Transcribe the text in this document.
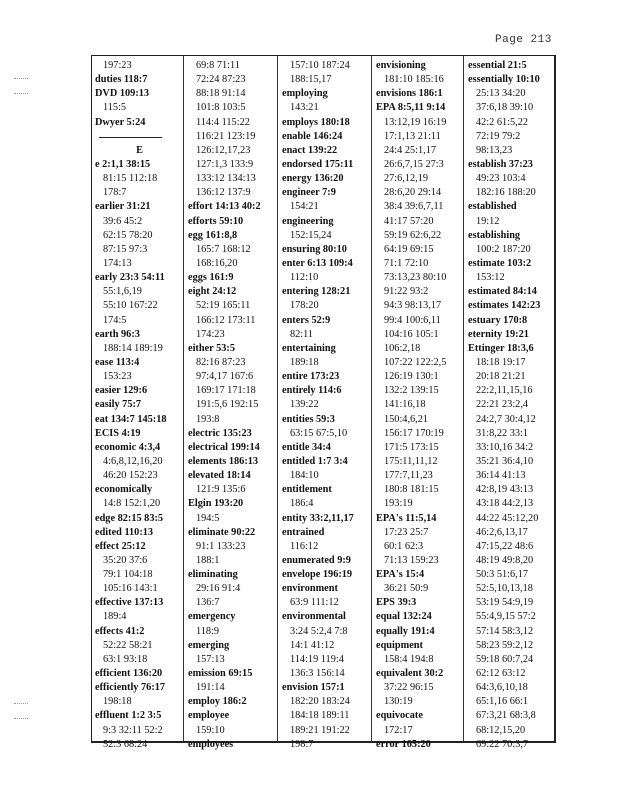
Page 213
197:23
duties 118:7
DVD 109:13
115:5
Dwyer 5:24
E
e 2:1,1 38:15
81:15 112:18
178:7
earlier 31:21
39:6 45:2
62:15 78:20
87:15 97:3
174:13
early 23:3 54:11
55:1,6,19
55:10 167:22
174:5
earth 96:3
188:14 189:19
ease 113:4
153:23
easier 129:6
easily 75:7
eat 134:7 145:18
ECIS 4:19
economic 4:3,4
4:6,8,12,16,20
46:20 152:23
economically
14:8 152:1,20
edge 82:15 83:5
edited 110:13
effect 25:12
35:20 37:6
79:1 104:18
105:16 143:1
effective 137:13
189:4
effects 41:2
52:22 58:21
63:1 93:18
efficient 136:20
efficiently 76:17
198:18
effluent 1:2 3:5
9:3 32:11 52:2
52:3 68:24
69:8 71:11
72:24 87:23
88:18 91:14
101:8 103:5
114:4 115:22
116:21 123:19
126:12,17,23
127:1,3 133:9
133:12 134:13
136:12 137:9
effort 14:13 40:2
efforts 59:10
egg 161:8,8
165:7 168:12
168:16,20
eggs 161:9
eight 24:12
52:19 165:11
166:12 173:11
174:23
either 53:5
82:16 87:23
97:4,17 167:6
169:17 171:18
191:5,6 192:15
193:8
electric 135:23
electrical 199:14
elements 186:13
elevated 18:14
121:9 135:6
Elgin 193:20
194:5
eliminate 90:22
91:1 133:23
188:1
eliminating
29:16 91:4
136:7
emergency
118:9
emerging
157:13
emission 69:15
191:14
employ 186:2
employee
159:10
employees
157:10 187:24
188:15,17
employing
143:21
employs 180:18
enable 146:24
enact 139:22
endorsed 175:11
energy 136:20
engineer 7:9
154:21
engineering
152:15,24
ensuring 80:10
enter 6:13 109:4
112:10
entering 128:21
178:20
enters 52:9
82:11
entertaining
189:18
entire 173:23
entirely 114:6
139:22
entities 59:3
63:15 67:5,10
entitle 34:4
entitled 1:7 3:4
184:10
entitlement
186:4
entity 33:2,11,17
entrained
116:12
enumerated 9:9
envelope 196:19
environment
63:9 111:12
environmental
3:24 5:2,4 7:8
14:1 41:12
114:19 119:4
136:3 156:14
envision 157:1
182:20 183:24
184:18 189:11
189:21 191:22
198:7
envisioning
181:10 185:16
envisions 186:1
EPA 8:5,11 9:14
13:12,19 16:19
17:1,13 21:11
24:4 25:1,17
26:6,7,15 27:3
27:6,12,19
28:6,20 29:14
38:4 39:6,7,11
41:17 57:20
59:19 62:6,22
64:19 69:15
71:1 72:10
73:13,23 80:10
91:22 93:2
94:3 98:13,17
99:4 100:6,11
104:16 105:1
106:2,18
107:22 122:2,5
126:19 130:1
132:2 139:15
141:16,18
150:4,6,21
156:17 170:19
171:5 173:15
175:11,11,12
177:7,11,23
180:8 181:15
193:19
EPA's 11:5,14
17:23 25:7
60:1 62:3
71:13 159:23
EPA's 15:4
36:21 50:9
EPS 39:3
equal 132:24
equally 191:4
equipment
158:4 194:8
equivalent 30:2
37:22 96:15
130:19
equivocate
172:17
error 165:20
essential 21:5
essentially 10:10
25:13 34:20
37:6,18 39:10
42:2 61:5,22
72:19 79:2
98:13,23
establish 37:23
49:23 103:4
182:16 188:20
established
19:12
establishing
100:2 187:20
estimate 103:2
153:12
estimated 84:14
estimates 142:23
estuary 170:8
eternity 19:21
Ettinger 18:3,6
18:18 19:17
20:18 21:21
22:2,11,15,16
22:21 23:2,4
24:2,7 30:4,12
31:8,22 33:1
33:10,16 34:2
35:21 36:4,10
36:14 41:13
42:8,19 43:13
43:18 44:2,13
44:22 45:12,20
46:2,6,13,17
47:15,22 48:6
48:19 49:8,20
50:3 51:6,17
52:5,10,13,18
53:19 54:9,19
55:4,9,15 57:2
57:14 58:3,12
58:23 59:2,12
59:18 60:7,24
62:12 63:12
64:3,6,10,18
65:1,16 66:1
67:3,21 68:3,8
68:12,15,20
69:22 70:3,7
